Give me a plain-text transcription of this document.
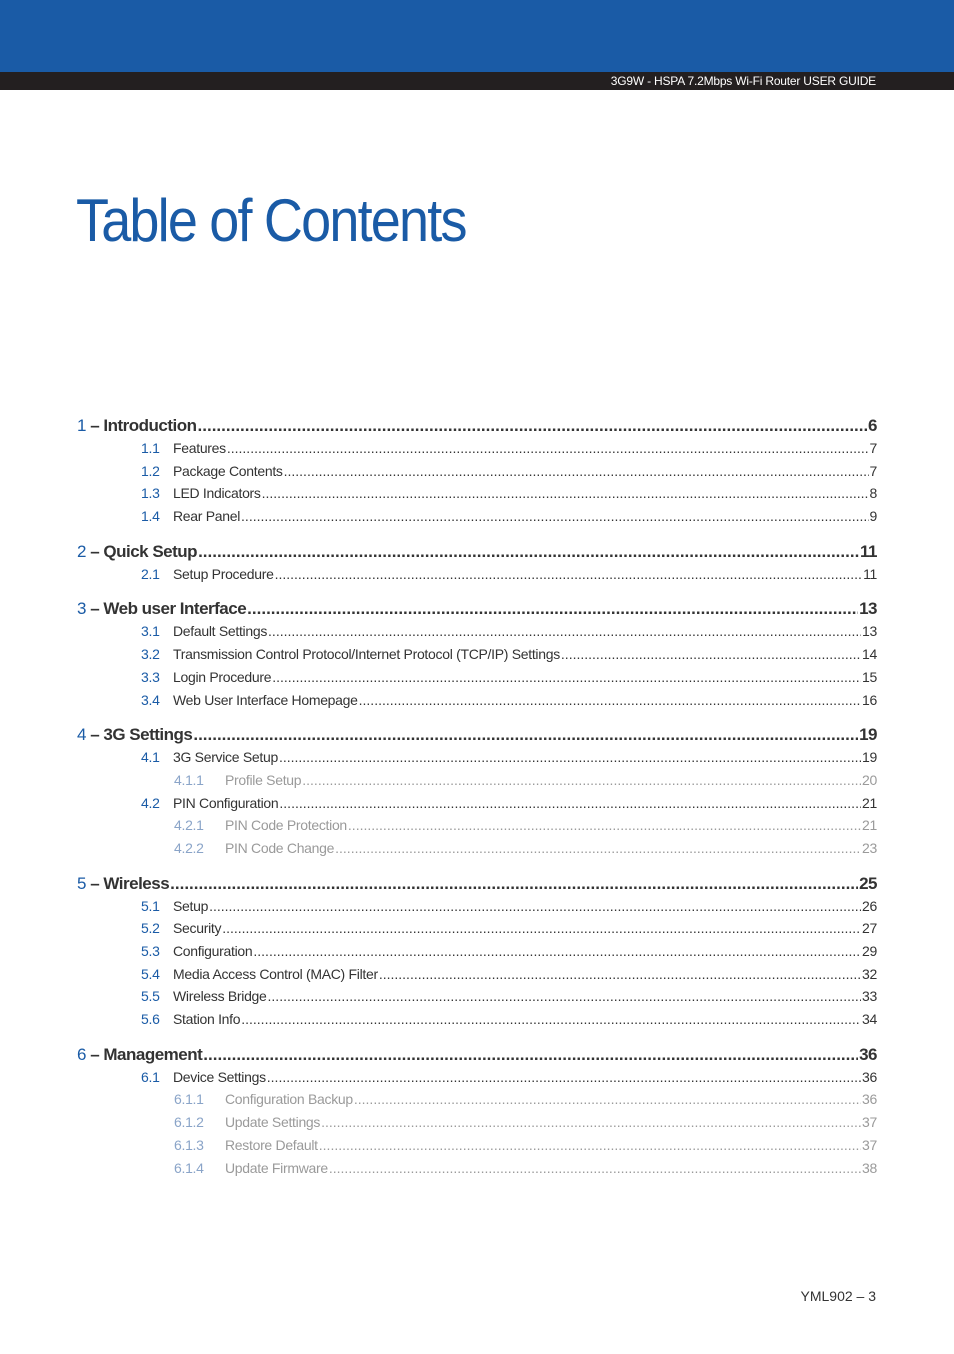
3G9W - HSPA 7.2Mbps Wi-Fi Router USER GUIDE
Table of Contents
1 – Introduction .....	6
1.1 Features .....	7
1.2 Package Contents .....	7
1.3 LED Indicators .....	8
1.4 Rear Panel .....	9
2 – Quick Setup .....	11
2.1 Setup Procedure .....	11
3 – Web user Interface .....	13
3.1 Default Settings .....	13
3.2 Transmission Control Protocol/Internet Protocol (TCP/IP) Settings .....	14
3.3 Login Procedure .....	15
3.4 Web User Interface Homepage .....	16
4 – 3G Settings .....	19
4.1 3G Service Setup .....	19
4.1.1 Profile Setup .....	20
4.2 PIN Configuration .....	21
4.2.1 PIN Code Protection .....	21
4.2.2 PIN Code Change .....	23
5 – Wireless .....	25
5.1 Setup .....	26
5.2 Security .....	27
5.3 Configuration .....	29
5.4 Media Access Control (MAC) Filter .....	32
5.5 Wireless Bridge .....	33
5.6 Station Info .....	34
6 – Management .....	36
6.1 Device Settings .....	36
6.1.1 Configuration Backup .....	36
6.1.2 Update Settings .....	37
6.1.3 Restore Default .....	37
6.1.4 Update Firmware .....	38
YML902 – 3
